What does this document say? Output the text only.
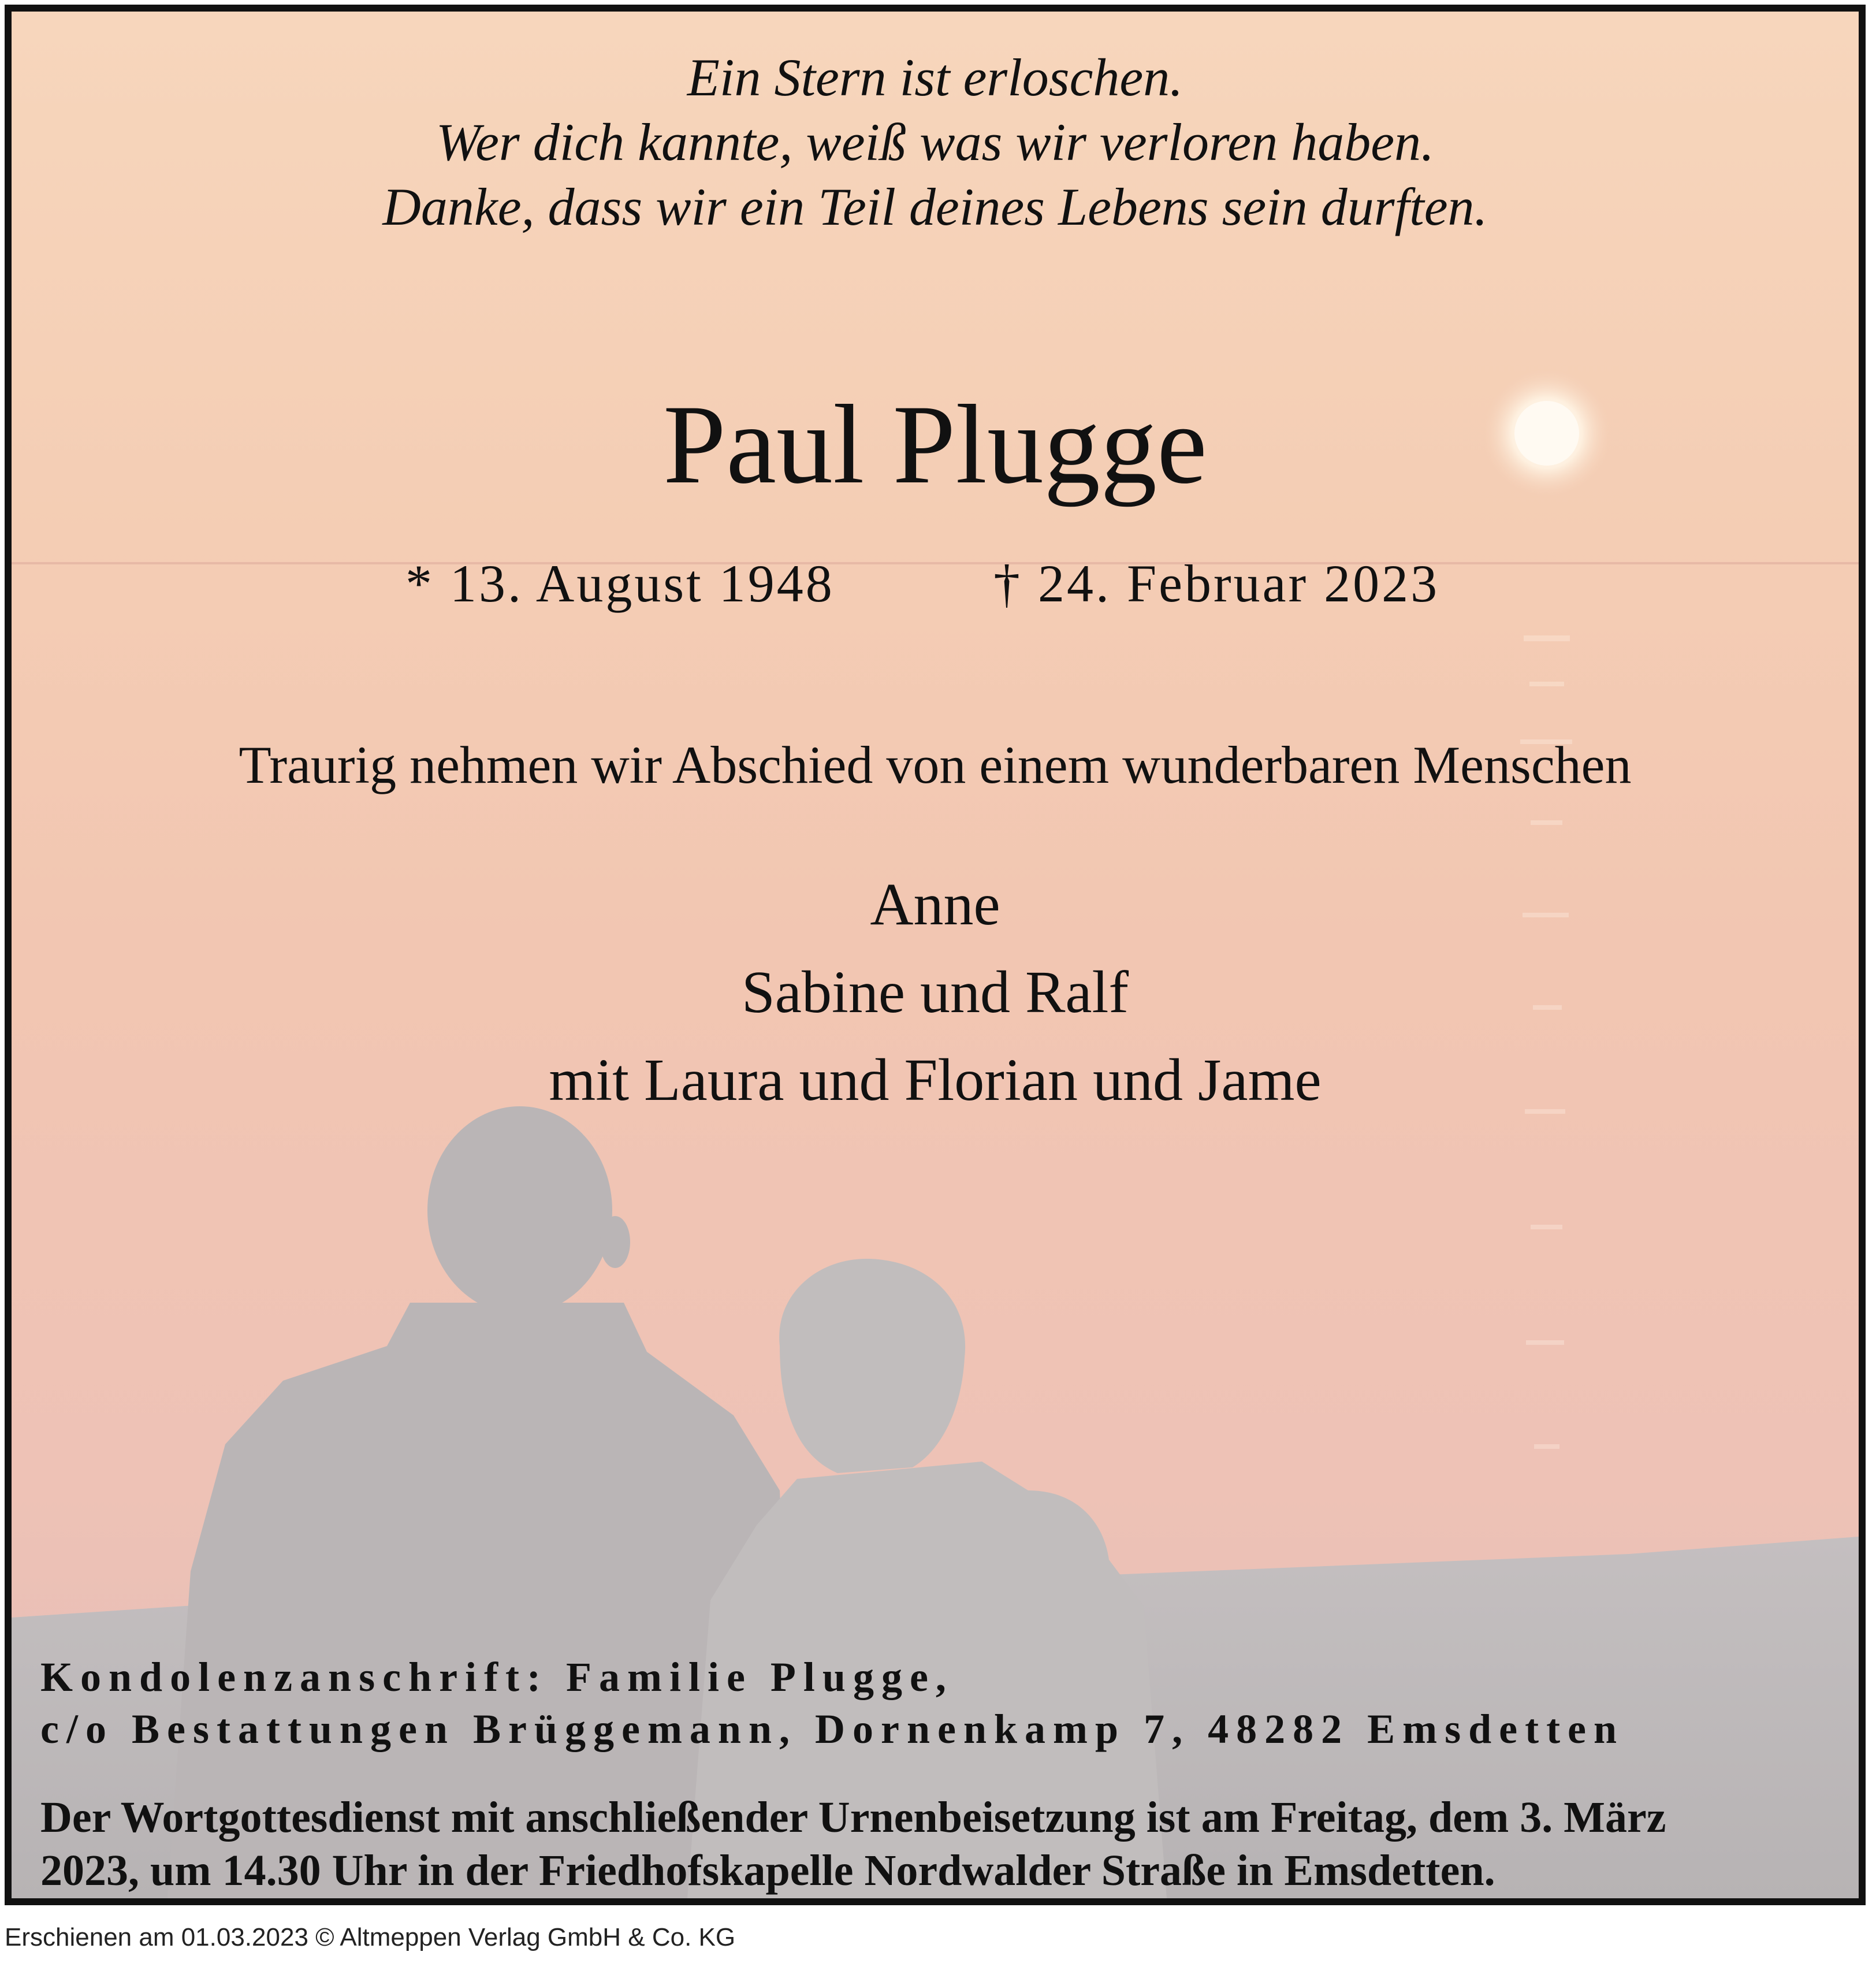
Ein Stern ist erloschen.
Wer dich kannte, weiß was wir verloren haben.
Danke, dass wir ein Teil deines Lebens sein durften.
Paul Plugge
* 13. August 1948	† 24. Februar 2023
Traurig nehmen wir Abschied von einem wunderbaren Menschen
Anne
Sabine und Ralf
mit Laura und Florian und Jame
Kondolenzanschrift: Familie Plugge,
c/o Bestattungen Brüggemann, Dornenkamp 7, 48282 Emsdetten
Der Wortgottesdienst mit anschließender Urnenbeisetzung ist am Freitag, dem 3. März
2023, um 14.30 Uhr in der Friedhofskapelle Nordwalder Straße in Emsdetten.
Erschienen am 01.03.2023 © Altmeppen Verlag GmbH & Co. KG
